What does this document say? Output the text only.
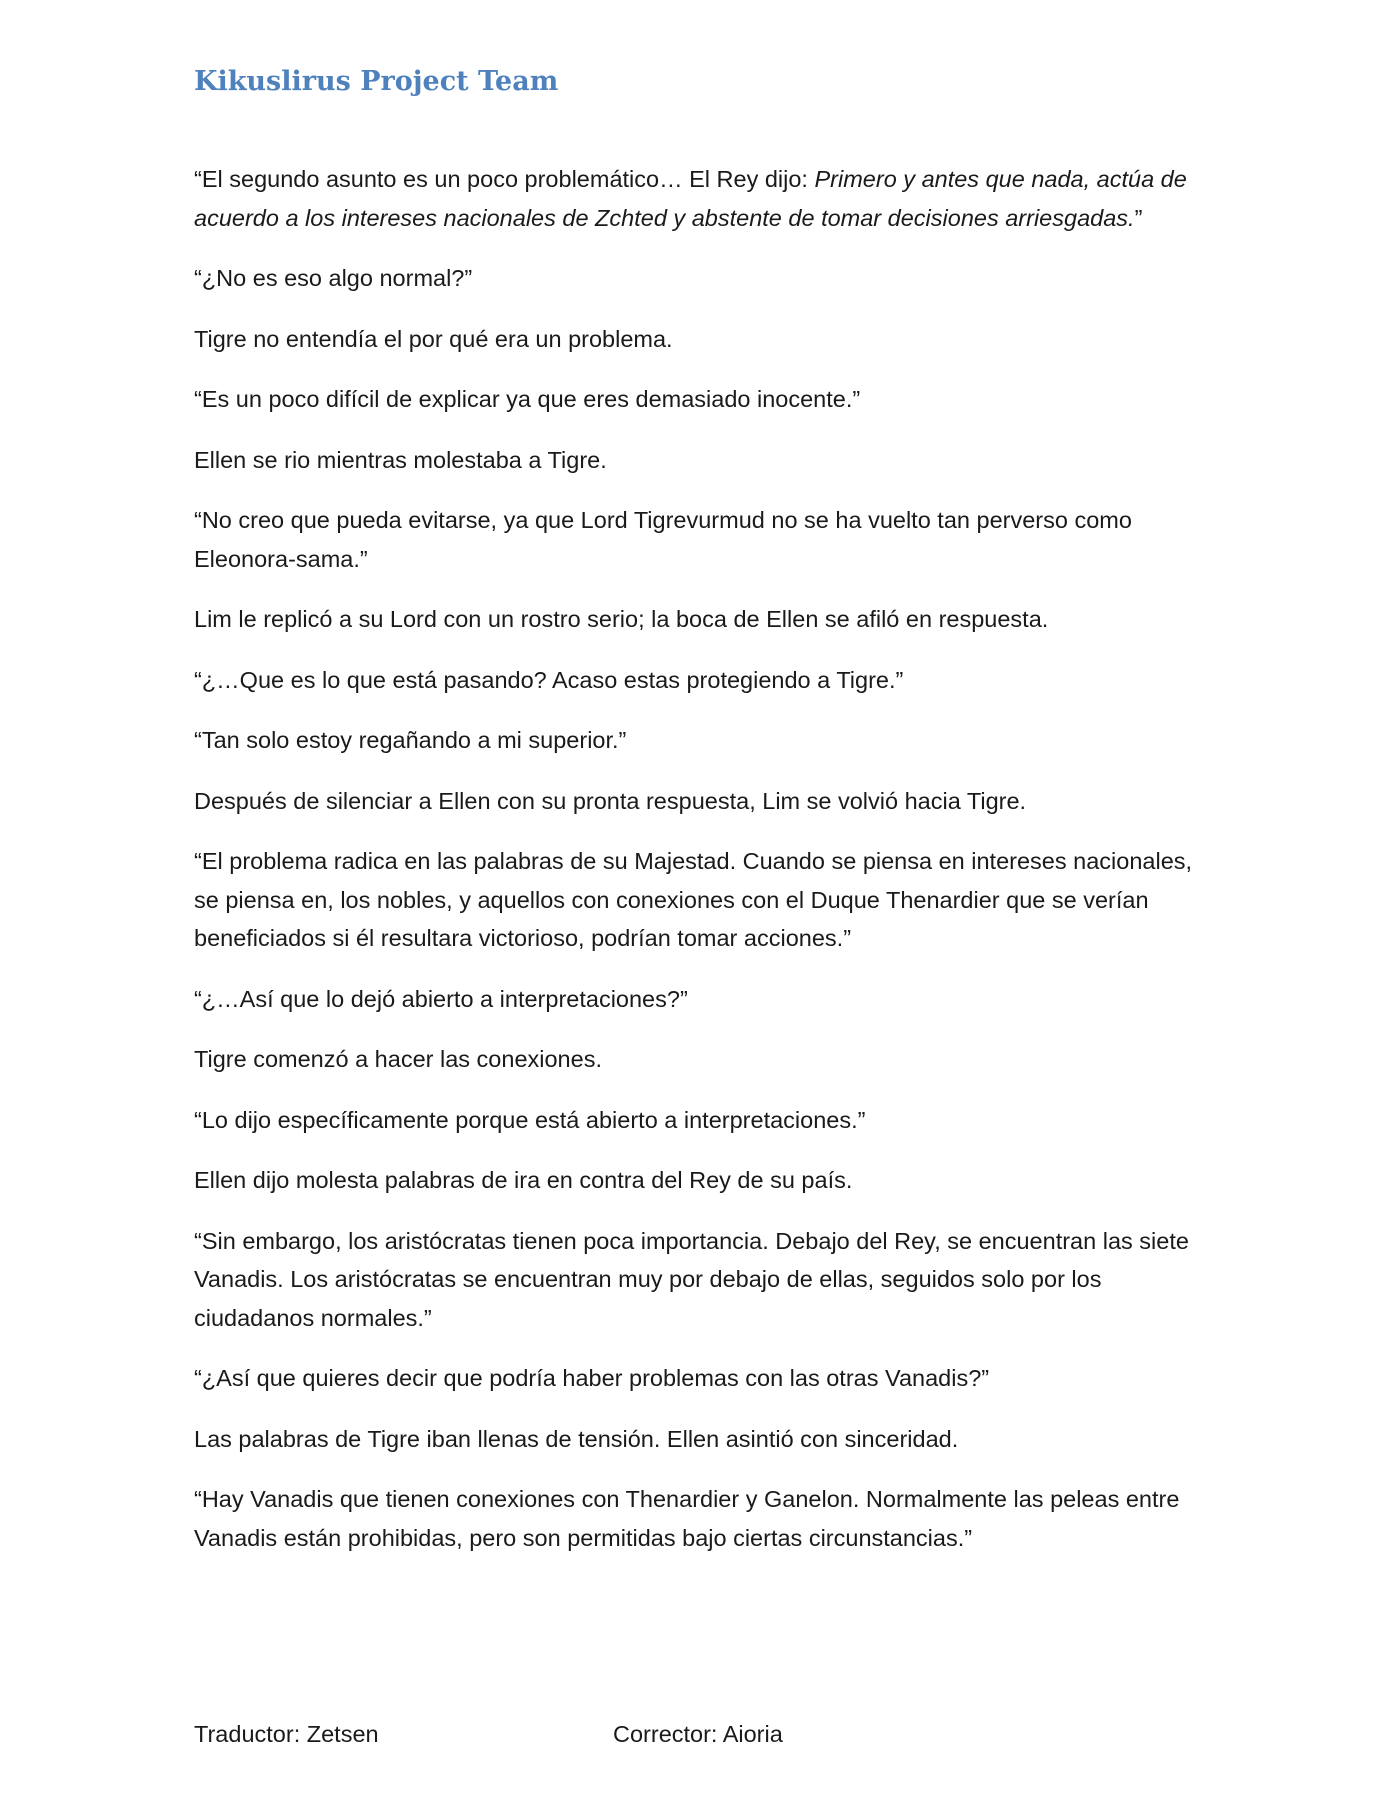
Kikuslirus Project Team

“El segundo asunto es un poco problemático… El Rey dijo: Primero y antes que nada, actúa de acuerdo a los intereses nacionales de Zchted y abstente de tomar decisiones arriesgadas.”

“¿No es eso algo normal?”

Tigre no entendía el por qué era un problema.

“Es un poco difícil de explicar ya que eres demasiado inocente.”

Ellen se rio mientras molestaba a Tigre.

“No creo que pueda evitarse, ya que Lord Tigrevurmud no se ha vuelto tan perverso como Eleonora-sama.”

Lim le replicó a su Lord con un rostro serio; la boca de Ellen se afiló en respuesta.

“¿…Que es lo que está pasando? Acaso estas protegiendo a Tigre.”

“Tan solo estoy regañando a mi superior.”

Después de silenciar a Ellen con su pronta respuesta, Lim se volvió hacia Tigre.

“El problema radica en las palabras de su Majestad. Cuando se piensa en intereses nacionales, se piensa en, los nobles, y aquellos con conexiones con el Duque Thenardier que se verían beneficiados si él resultara victorioso, podrían tomar acciones.”

“¿…Así que lo dejó abierto a interpretaciones?”

Tigre comenzó a hacer las conexiones.

“Lo dijo específicamente porque está abierto a interpretaciones.”

Ellen dijo molesta palabras de ira en contra del Rey de su país.

“Sin embargo, los aristócratas tienen poca importancia. Debajo del Rey, se encuentran las siete Vanadis. Los aristócratas se encuentran muy por debajo de ellas, seguidos solo por los ciudadanos normales.”

“¿Así que quieres decir que podría haber problemas con las otras Vanadis?”

Las palabras de Tigre iban llenas de tensión. Ellen asintió con sinceridad.

“Hay Vanadis que tienen conexiones con Thenardier y Ganelon. Normalmente las peleas entre Vanadis están prohibidas, pero son permitidas bajo ciertas circunstancias.”

Traductor: Zetsen	Corrector: Aioria
